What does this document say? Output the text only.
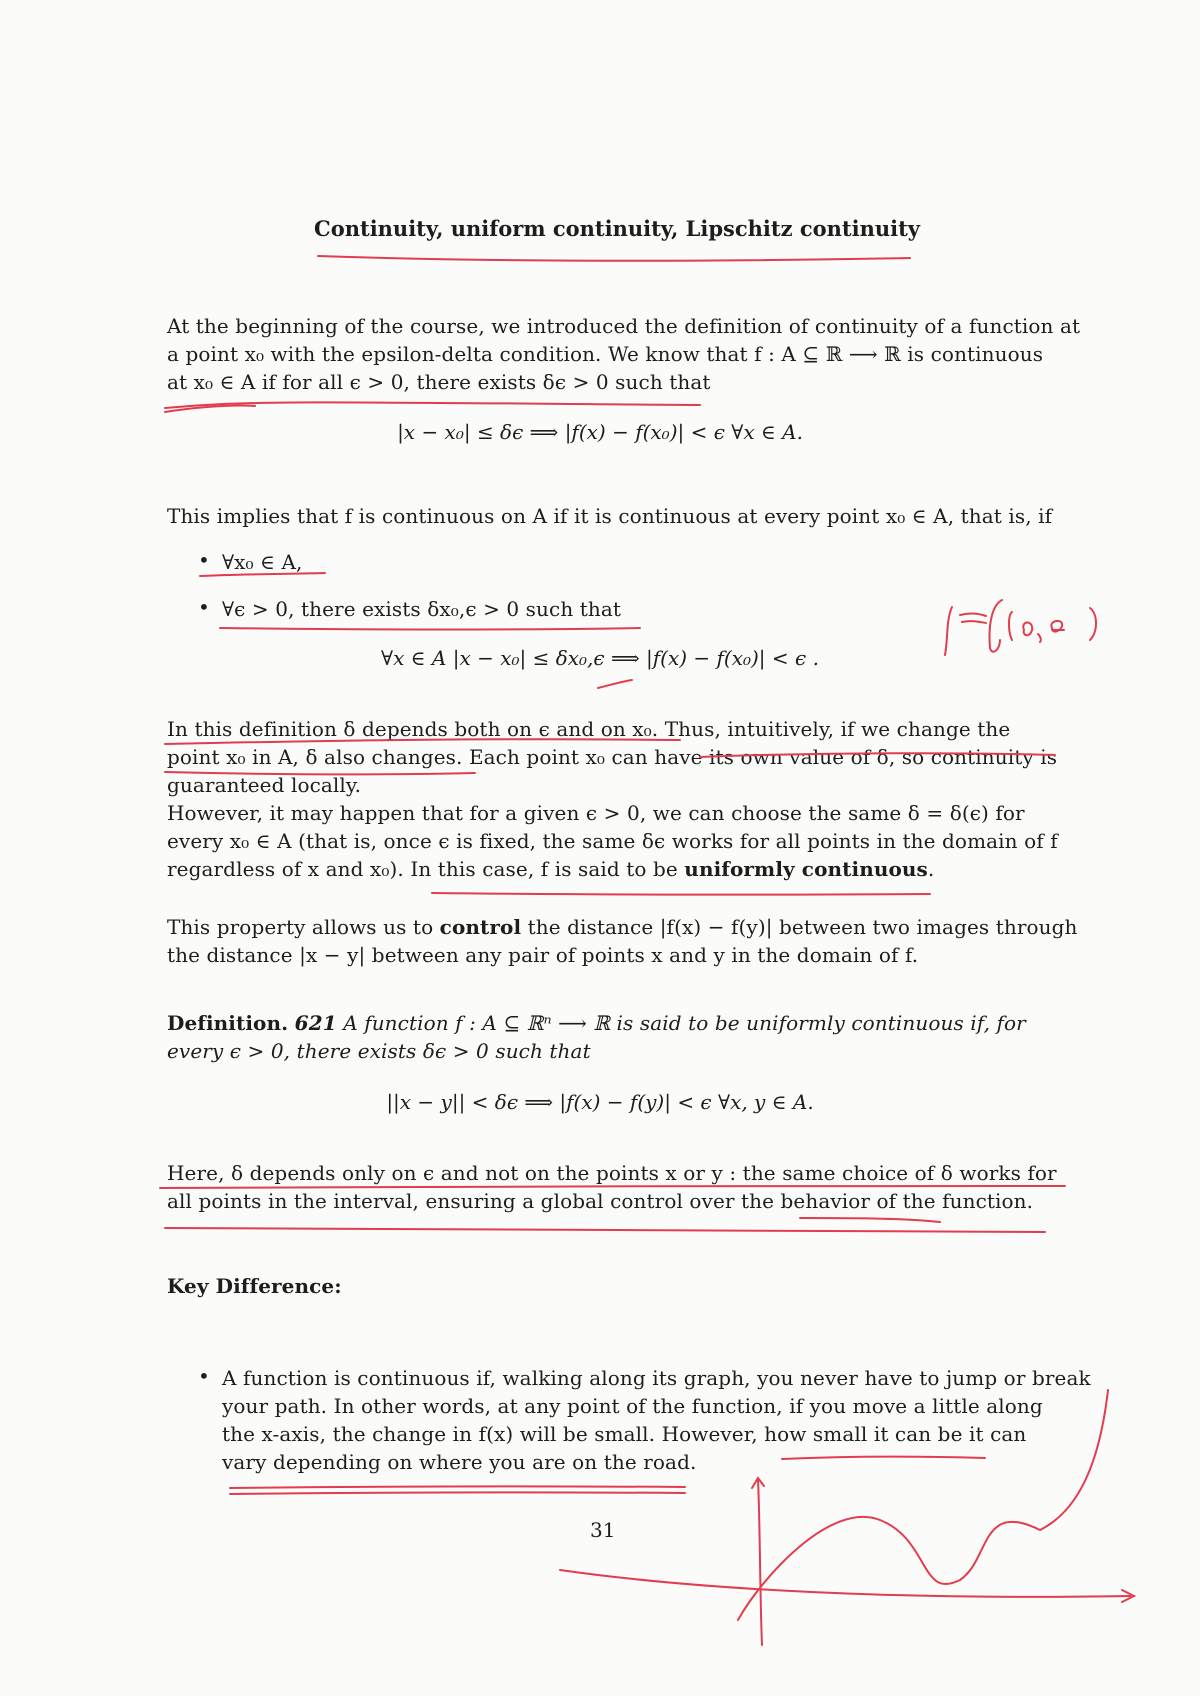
Continuity, uniform continuity, Lipschitz continuity
At the beginning of the course, we introduced the definition of continuity of a function at
a point x₀ with the epsilon-delta condition. We know that f : A ⊆ ℝ ⟶ ℝ is continuous
at x₀ ∈ A if for all ϵ > 0, there exists δϵ > 0 such that
|x − x₀| ≤ δϵ ⟹ |f(x) − f(x₀)| < ϵ ∀x ∈ A.
This implies that f is continuous on A if it is continuous at every point x₀ ∈ A, that is, if
• ∀x₀ ∈ A,
• ∀ϵ > 0, there exists δx₀,ϵ > 0 such that
∀x ∈ A |x − x₀| ≤ δx₀,ϵ ⟹ |f(x) − f(x₀)| < ϵ .
In this definition δ depends both on ϵ and on x₀. Thus, intuitively, if we change the
point x₀ in A, δ also changes. Each point x₀ can have its own value of δ, so continuity is
guaranteed locally.
However, it may happen that for a given ϵ > 0, we can choose the same δ = δ(ϵ) for
every x₀ ∈ A (that is, once ϵ is fixed, the same δϵ works for all points in the domain of f
regardless of x and x₀). In this case, f is said to be uniformly continuous.
This property allows us to control the distance |f(x) − f(y)| between two images through
the distance |x − y| between any pair of points x and y in the domain of f.
Definition. 621 A function f : A ⊆ ℝⁿ ⟶ ℝ is said to be uniformly continuous if, for
every ϵ > 0, there exists δϵ > 0 such that
||x − y|| < δϵ ⟹ |f(x) − f(y)| < ϵ ∀x, y ∈ A.
Here, δ depends only on ϵ and not on the points x or y : the same choice of δ works for
all points in the interval, ensuring a global control over the behavior of the function.
Key Difference:
• A function is continuous if, walking along its graph, you never have to jump or break
your path. In other words, at any point of the function, if you move a little along
the x-axis, the change in f(x) will be small. However, how small it can be it can
vary depending on where you are on the road.
31
